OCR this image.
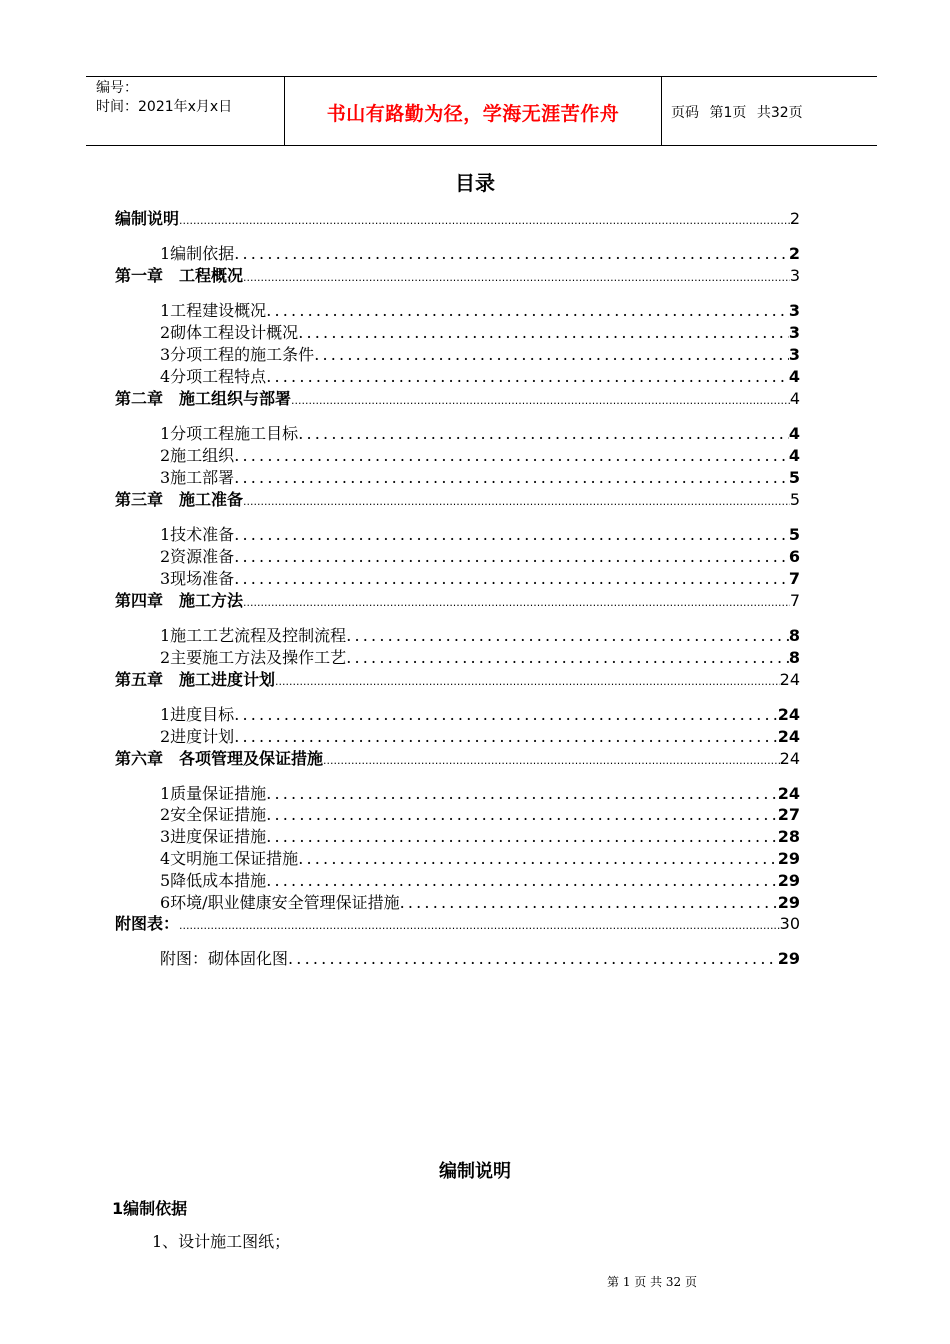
编号：
时间：2021年x月x日	书山有路勤为径，学海无涯苦作舟	页码 第1页 共32页
目录
编制说明 .....	2
1编制依据 .....	2
第一章　工程概况 .....	3
1工程建设概况 .....	3
2砌体工程设计概况 .....	3
3分项工程的施工条件 .....	3
4分项工程特点 .....	4
第二章　施工组织与部署 .....	4
1分项工程施工目标 .....	4
2施工组织 .....	4
3施工部署 .....	5
第三章　施工准备 .....	5
1技术准备 .....	5
2资源准备 .....	6
3现场准备 .....	7
第四章　施工方法 .....	7
1施工工艺流程及控制流程 .....	8
2主要施工方法及操作工艺 .....	8
第五章　施工进度计划 .....	24
1进度目标 .....	24
2进度计划 .....	24
第六章　各项管理及保证措施 .....	24
1质量保证措施 .....	24
2安全保证措施 .....	27
3进度保证措施 .....	28
4文明施工保证措施 .....	29
5降低成本措施 .....	29
6环境/职业健康安全管理保证措施 .....	29
附图表： .....	30
附图：砌体固化图 .....	29
编制说明
1编制依据
1、设计施工图纸；
第 1 页 共 32 页
